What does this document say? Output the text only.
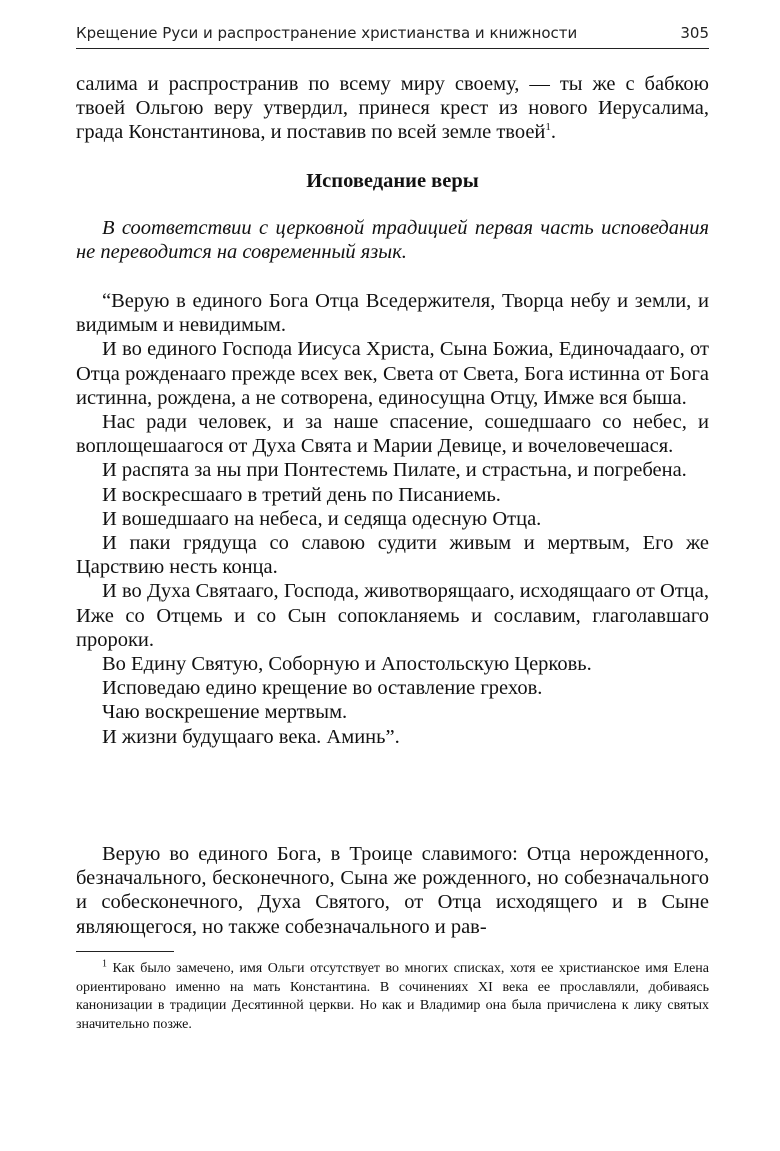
Крещение Руси и распространение христианства и книжности	305

салима и распространив по всему миру своему, — ты же с бабкою твоей Ольгою веру утвердил, принеся крест из нового Иерусалима, града Константинова, и поставив по всей земле твоей$^1$.

Исповедание веры
В соответствии с церковной традицией первая часть исповедания не переводится на современный язык.

“Верую в единого Бога Отца Вседержителя, Творца небу и земли, и видимым и невидимым.

И во единого Господа Иисуса Христа, Сына Божиа, Единочадааго, от Отца рожденаaго прежде всех век, Света от Света, Бога истинна от Бога истинна, рождена, а не сотворена, единосущна Отцу, Имже вся быша.

Нас ради человек, и за наше спасение, сошедшааго со небес, и воплощешаагося от Духа Свята и Марии Девице, и вочеловечешася.

И распята за ны при Понтестемь Пилате, и страстьна, и погребена.

И воскресшааго в третий день по Писаниемь.

И вошедшааго на небеса, и седяща одесную Отца.

И паки грядуща со славою судити живым и мертвым, Его же Царствию несть конца.

И во Духа Святааго, Господа, животворящааго, исходящааго от Отца, Иже со Отцемь и со Сын сопокланяемь и сославим, глаголавшаго пророки.

Во Едину Святую, Соборную и Апостольскую Церковь.

Исповедаю едино крещение во оставление грехов.

Чаю воскрешение мертвым.

И жизни будущааго века. Аминь”.

Верую во единого Бога, в Троице славимого: Отца нерожденного, безначального, бесконечного, Сына же рожденного, но собезначального и собесконечного, Духа Святого, от Отца исходящего и в Сыне являющегося, но также собезначального и рав-

$^1$ Как было замечено, имя Ольги отсутствует во многих списках, хотя ее христианское имя Елена ориентировано именно на мать Константина. В сочинениях XI века ее прославляли, добиваясь канонизации в традиции Десятинной церкви. Но как и Владимир она была причислена к лику святых значительно позже.
